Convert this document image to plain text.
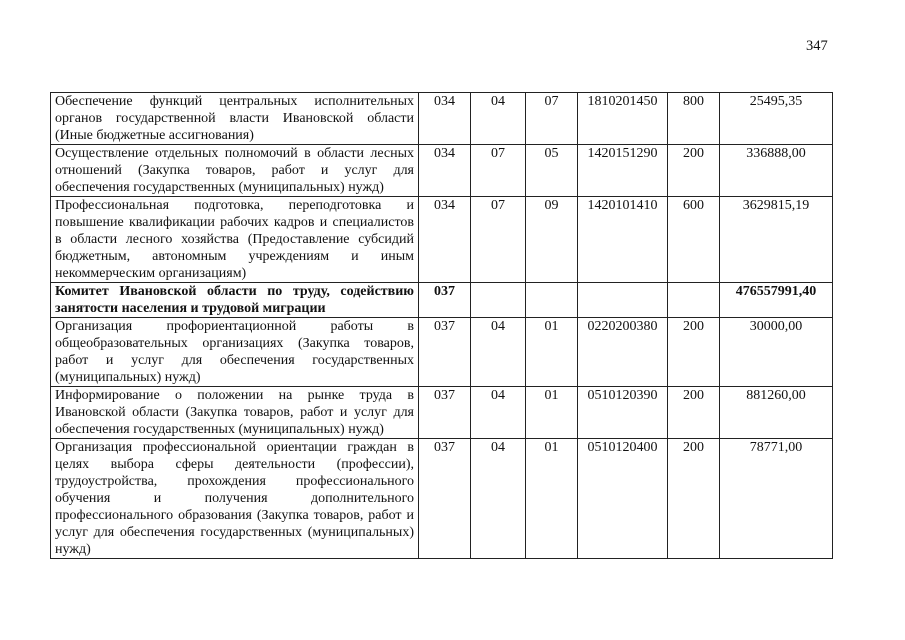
347
Обеспечение функций центральных исполнительных органов государственной власти Ивановской области (Иные бюджетные ассигнования)	034	04	07	1810201450	800	25495,35
Осуществление отдельных полномочий в области лесных отношений (Закупка товаров, работ и услуг для обеспечения государственных (муниципальных) нужд)	034	07	05	1420151290	200	336888,00
Профессиональная подготовка, переподготовка и повышение квалификации рабочих кадров и специалистов в области лесного хозяйства (Предоставление субсидий бюджетным, автономным учреждениям и иным некоммерческим организациям)	034	07	09	1420101410	600	3629815,19
Комитет Ивановской области по труду, содействию занятости населения и трудовой миграции	037					476557991,40
Организация профориентационной работы в общеобразовательных организациях (Закупка товаров, работ и услуг для обеспечения государственных (муниципальных) нужд)	037	04	01	0220200380	200	30000,00
Информирование о положении на рынке труда в Ивановской области (Закупка товаров, работ и услуг для обеспечения государственных (муниципальных) нужд)	037	04	01	0510120390	200	881260,00
Организация профессиональной ориентации граждан в целях выбора сферы деятельности (профессии), трудоустройства, прохождения профессионального обучения и получения дополнительного профессионального образования (Закупка товаров, работ и услуг для обеспечения государственных (муниципальных) нужд)	037	04	01	0510120400	200	78771,00
